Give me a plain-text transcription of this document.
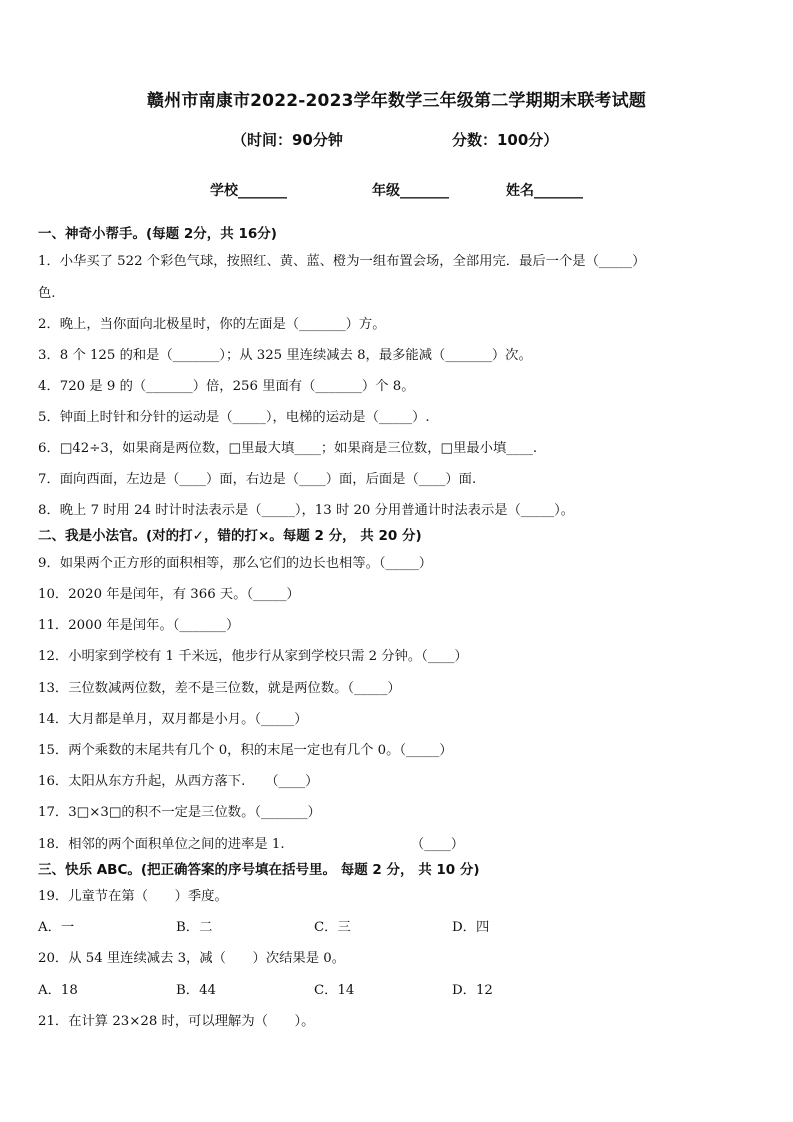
赣州市南康市2022-2023学年数学三年级第二学期期末联考试题
（时间：90分钟	分数：100分）
学校_______	年级_______	姓名_______
一、神奇小帮手。(每题 2分，共 16分)
1．小华买了 522 个彩色气球，按照红、黄、蓝、橙为一组布置会场，全部用完．最后一个是（_____）
色.
2．晚上，当你面向北极星时，你的左面是（_______）方。
3．8 个 125 的和是（_______）；从 325 里连续减去 8，最多能减（_______）次。
4．720 是 9 的（_______）倍，256 里面有（_______）个 8。
5．钟面上时针和分针的运动是（_____），电梯的运动是（_____）.
6．□42÷3，如果商是两位数，□里最大填____；如果商是三位数，□里最小填____.
7．面向西面，左边是（____）面，右边是（____）面，后面是（____）面.
8．晚上 7 时用 24 时计时法表示是（_____），13 时 20 分用普通计时法表示是（_____）。
二、我是小法官。(对的打✓，错的打×。每题 2 分， 共 20 分)
9．如果两个正方形的面积相等，那么它们的边长也相等。（_____）
10．2020 年是闰年，有 366 天。（_____）
11．2000 年是闰年。（_______）
12．小明家到学校有 1 千米远，他步行从家到学校只需 2 分钟。（____）
13．三位数减两位数，差不是三位数，就是两位数。（_____）
14．大月都是单月，双月都是小月。（_____）
15．两个乘数的末尾共有几个 0，积的末尾一定也有几个 0。（_____）
16．太阳从东方升起，从西方落下.　　（____）
17．3□×3□的积不一定是三位数。（_______）
18．相邻的两个面积单位之间的进率是 1.　　　　　　　　　　（____）
三、快乐 ABC。(把正确答案的序号填在括号里。 每题 2 分， 共 10 分)
19．儿童节在第（　　）季度。
A．一	B．二	C．三	D．四
20．从 54 里连续减去 3，减（　　）次结果是 0。
A．18	B．44	C．14	D．12
21．在计算 23×28 时，可以理解为（　　）。
